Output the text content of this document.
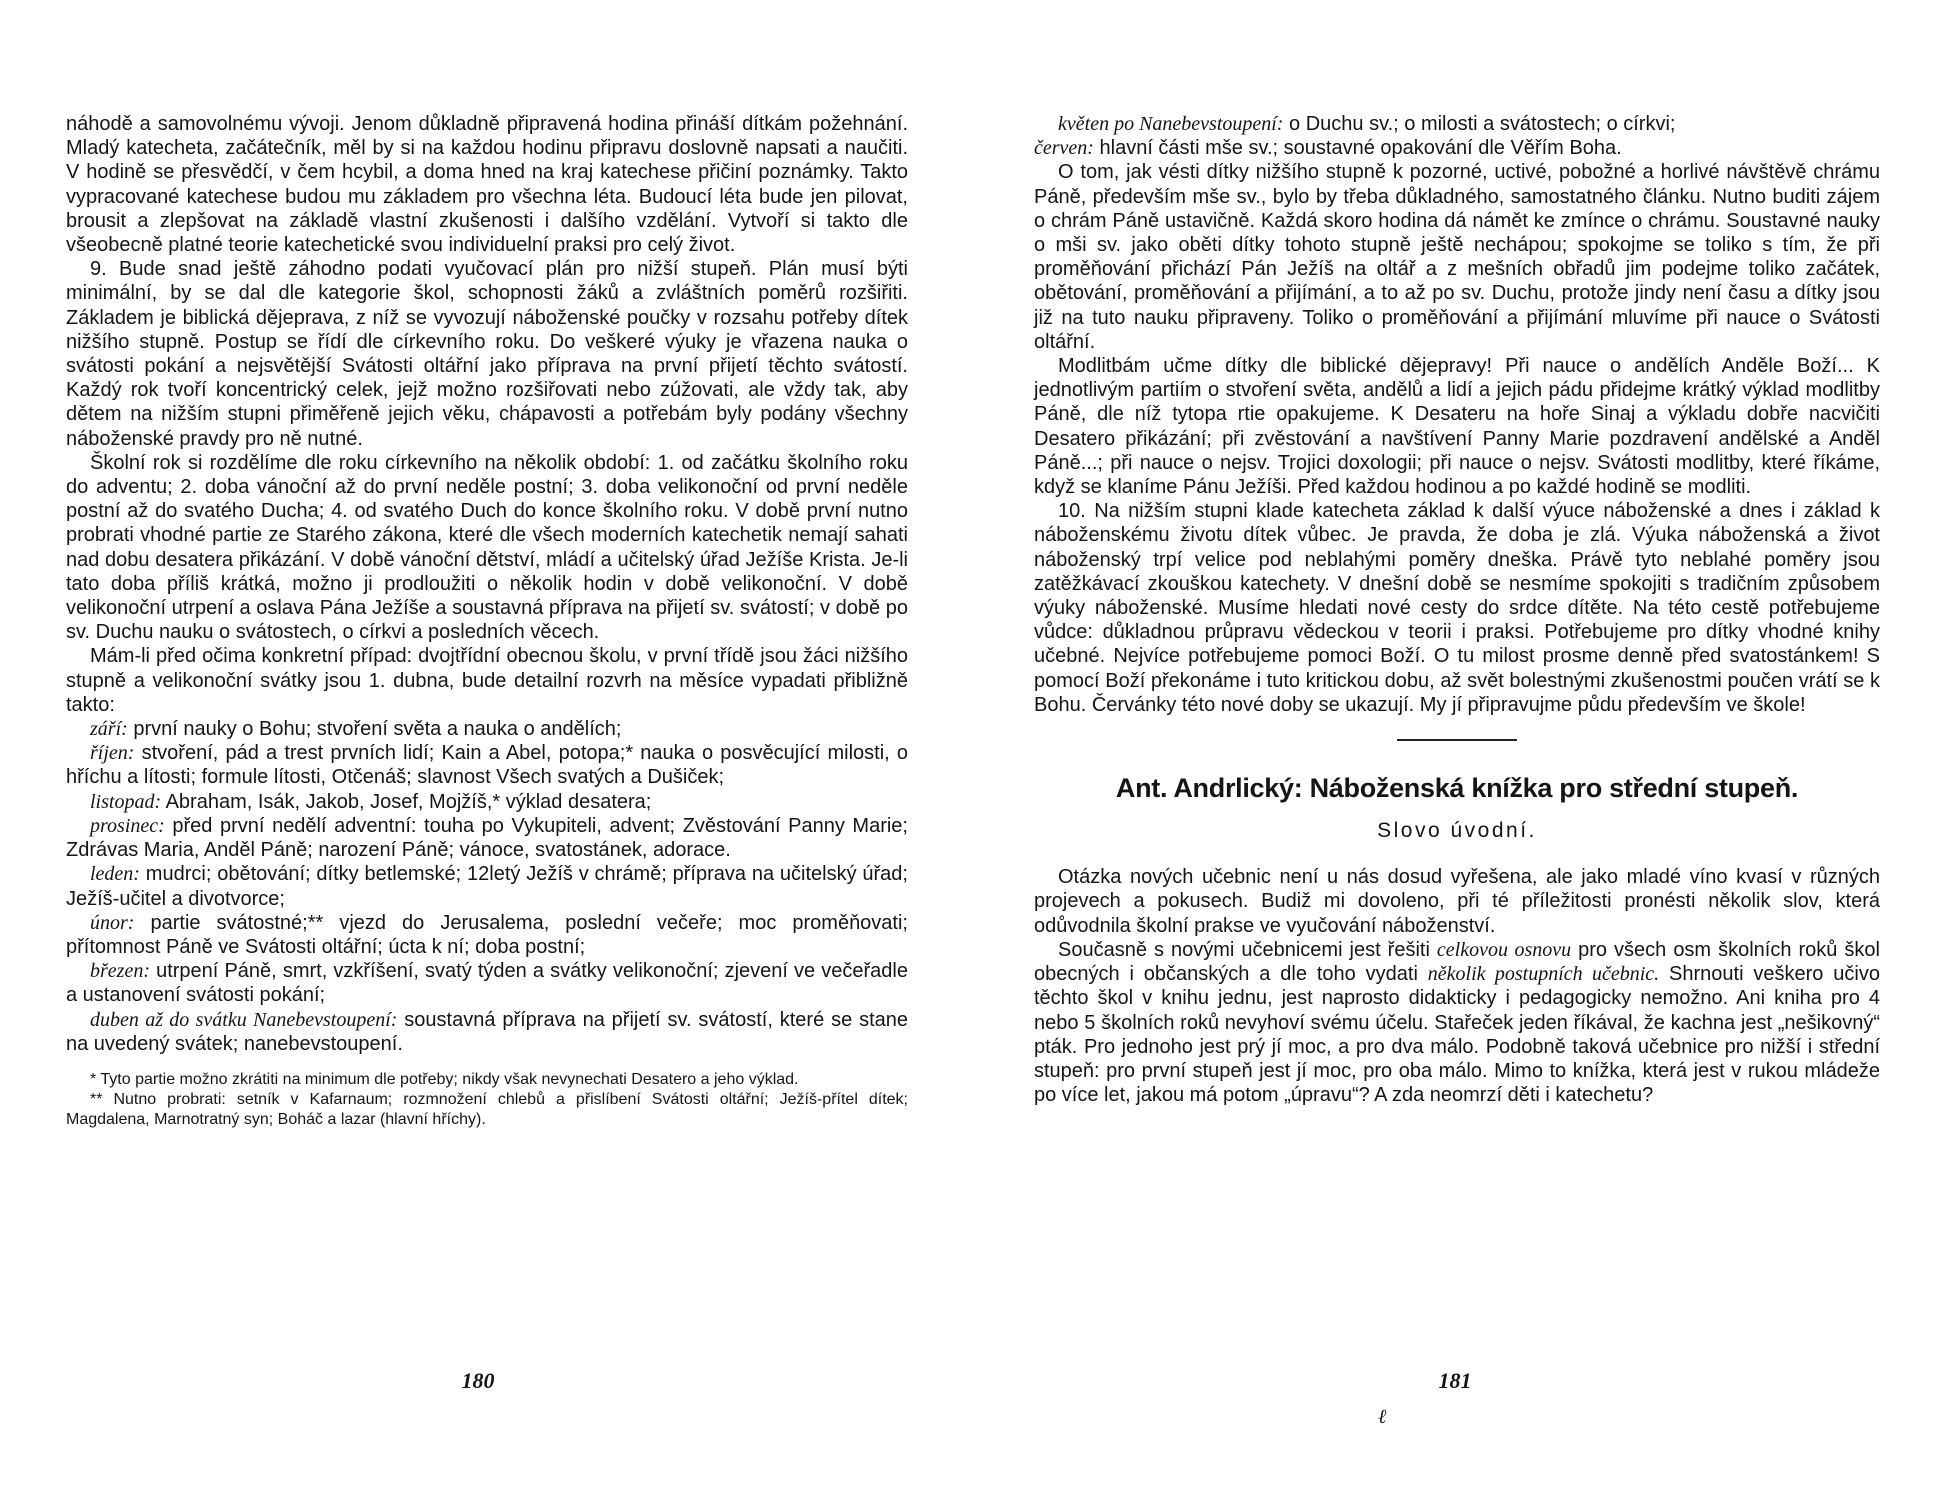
náhodě a samovolnému vývoji. Jenom důkladně připravená hodina přináší dítkám požehnání. Mladý katecheta, začátečník, měl by si na každou hodinu připravu doslovně napsati a naučiti. V hodině se přesvědčí, v čem hcybil, a doma hned na kraj katechese přičiní poznámky. Takto vypracované katechese budou mu základem pro všechna léta. Budoucí léta bude jen pilovat, brousit a zlepšovat na základě vlastní zkušenosti i dalšího vzdělání. Vytvoří si takto dle všeobecně platné teorie katechetické svou individuelní praksi pro celý život.

9. Bude snad ještě záhodno podati vyučovací plán pro nižší stupeň. Plán musí býti minimální, by se dal dle kategorie škol, schopnosti žáků a zvláštních poměrů rozšiřiti. Základem je biblická dějeprava, z níž se vyvozují náboženské poučky v rozsahu potřeby dítek nižšího stupně. Postup se řídí dle církevního roku. Do veškeré výuky je vřazena nauka o svátosti pokání a nejsvětější Svátosti oltářní jako příprava na první přijetí těchto svátostí. Každý rok tvoří koncentrický celek, jejž možno rozšiřovati nebo zúžovati, ale vždy tak, aby dětem na nižším stupni přiměřeně jejich věku, chápavosti a potřebám byly podány všechny náboženské pravdy pro ně nutné.

Školní rok si rozdělíme dle roku církevního na několik období: 1. od začátku školního roku do adventu; 2. doba vánoční až do první neděle postní; 3. doba velikonoční od první neděle postní až do svatého Ducha; 4. od svatého Duch do konce školního roku. V době první nutno probrati vhodné partie ze Starého zákona, které dle všech moderních katechetik nemají sahati nad dobu desatera přikázání. V době vánoční dětství, mládí a učitelský úřad Ježíše Krista. Je-li tato doba příliš krátká, možno ji prodloužiti o několik hodin v době velikonoční. V době velikonoční utrpení a oslava Pána Ježíše a soustavná příprava na přijetí sv. svátostí; v době po sv. Duchu nauku o svátostech, o církvi a posledních věcech.

Mám-li před očima konkretní případ: dvojtřídní obecnou školu, v první třídě jsou žáci nižšího stupně a velikonoční svátky jsou 1. dubna, bude detailní rozvrh na měsíce vypadati přibližně takto:

září: první nauky o Bohu; stvoření světa a nauka o andělích;

říjen: stvoření, pád a trest prvních lidí; Kain a Abel, potopa;* nauka o posvěcující milosti, o hříchu a lítosti; formule lítosti, Otčenáš; slavnost Všech svatých a Dušiček;

listopad: Abraham, Isák, Jakob, Josef, Mojžíš,* výklad desatera;

prosinec: před první nedělí adventní: touha po Vykupiteli, advent; Zvěstování Panny Marie; Zdrávas Maria, Anděl Páně; narození Páně; vánoce, svatostánek, adorace.

leden: mudrci; obětování; dítky betlemské; 12letý Ježíš v chrámě; příprava na učitelský úřad; Ježíš-učitel a divotvorce;

únor: partie svátostné;** vjezd do Jerusalema, poslední večeře; moc proměňovati; přítomnost Páně ve Svátosti oltářní; úcta k ní; doba postní;

březen: utrpení Páně, smrt, vzkříšení, svatý týden a svátky velikonoční; zjevení ve večeřadle a ustanovení svátosti pokání;

duben až do svátku Nanebevstoupení: soustavná příprava na přijetí sv. svátostí, které se stane na uvedený svátek; nanebevstoupení.

* Tyto partie možno zkrátiti na minimum dle potřeby; nikdy však nevynechati Desatero a jeho výklad.

** Nutno probrati: setník v Kafarnaum; rozmnožení chlebů a přislíbení Svátosti oltářní; Ježíš-přítel dítek; Magdalena, Marnotratný syn; Boháč a lazar (hlavní hříchy).

180

květen po Nanebevstoupení: o Duchu sv.; o milosti a svátostech; o církvi;

červen: hlavní části mše sv.; soustavné opakování dle Věřím Boha.

O tom, jak vésti dítky nižšího stupně k pozorné, uctivé, pobožné a horlivé návštěvě chrámu Páně, především mše sv., bylo by třeba důkladného, samostatného článku. Nutno buditi zájem o chrám Páně ustavičně. Každá skoro hodina dá námět ke zmínce o chrámu. Soustavné nauky o mši sv. jako oběti dítky tohoto stupně ještě nechápou; spokojme se toliko s tím, že při proměňování přichází Pán Ježíš na oltář a z mešních obřadů jim podejme toliko začátek, obětování, proměňování a přijímání, a to až po sv. Duchu, protože jindy není času a dítky jsou již na tuto nauku připraveny. Toliko o proměňování a přijímání mluvíme při nauce o Svátosti oltářní.

Modlitbám učme dítky dle biblické dějepravy! Při nauce o andělích Anděle Boží... K jednotlivým partiím o stvoření světa, andělů a lidí a jejich pádu přidejme krátký výklad modlitby Páně, dle níž tytopa rtie opakujeme. K Desateru na hoře Sinaj a výkladu dobře nacvičiti Desatero přikázání; při zvěstování a navštívení Panny Marie pozdravení andělské a Anděl Páně...; při nauce o nejsv. Trojici doxologii; při nauce o nejsv. Svátosti modlitby, které říkáme, když se klaníme Pánu Ježíši. Před každou hodinou a po každé hodině se modliti.

10. Na nižším stupni klade katecheta základ k další výuce náboženské a dnes i základ k náboženskému životu dítek vůbec. Je pravda, že doba je zlá. Výuka náboženská a život náboženský trpí velice pod neblahými poměry dneška. Právě tyto neblahé poměry jsou zatěžkávací zkouškou katechety. V dnešní době se nesmíme spokojiti s tradičním způsobem výuky náboženské. Musíme hledati nové cesty do srdce dítěte. Na této cestě potřebujeme vůdce: důkladnou průpravu vědeckou v teorii i praksi. Potřebujeme pro dítky vhodné knihy učebné. Nejvíce potřebujeme pomoci Boží. O tu milost prosme denně před svatostánkem! S pomocí Boží překonáme i tuto kritickou dobu, až svět bolestnými zkušenostmi poučen vrátí se k Bohu. Červánky této nové doby se ukazují. My jí připravujme půdu především ve škole!

Ant. Andrlický: Náboženská knížka pro střední stupeň.
Slovo úvodní.

Otázka nových učebnic není u nás dosud vyřešena, ale jako mladé víno kvasí v různých projevech a pokusech. Budiž mi dovoleno, při té příležitosti pronésti několik slov, která odůvodnila školní prakse ve vyučování náboženství.

Současně s novými učebnicemi jest řešiti celkovou osnovu pro všech osm školních roků škol obecných i občanských a dle toho vydati několik postupních učebnic. Shrnouti veškero učivo těchto škol v knihu jednu, jest naprosto didakticky i pedagogicky nemožno. Ani kniha pro 4 nebo 5 školních roků nevyhoví svému účelu. Stařeček jeden říkával, že kachna jest „nešikovný“ pták. Pro jednoho jest prý jí moc, a pro dva málo. Podobně taková učebnice pro nižší i střední stupeň: pro první stupeň jest jí moc, pro oba málo. Mimo to knížka, která jest v rukou mládeže po více let, jakou má potom „úpravu“? A zda neomrzí děti i katechetu?

181
ℓ
